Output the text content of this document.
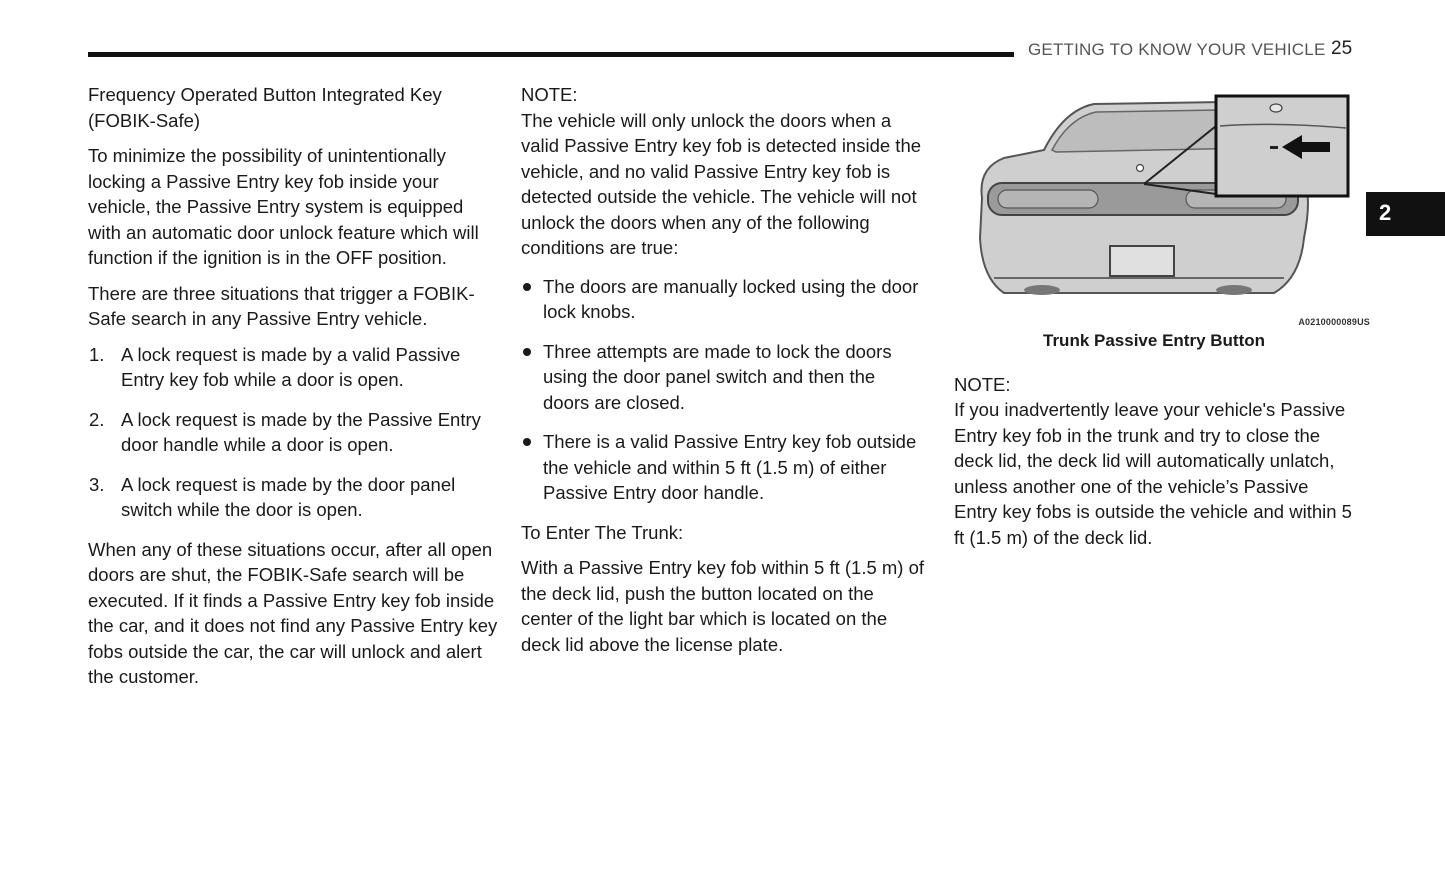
GETTING TO KNOW YOUR VEHICLE 25
2
Frequency Operated Button Integrated Key
(FOBIK-Safe)

To minimize the possibility of unintentionally locking a Passive Entry key fob inside your vehicle, the Passive Entry system is equipped with an automatic door unlock feature which will function if the ignition is in the OFF position.

There are three situations that trigger a FOBIK-Safe search in any Passive Entry vehicle.

1. A lock request is made by a valid Passive Entry key fob while a door is open.
2. A lock request is made by the Passive Entry door handle while a door is open.
3. A lock request is made by the door panel switch while the door is open.

When any of these situations occur, after all open doors are shut, the FOBIK-Safe search will be executed. If it finds a Passive Entry key fob inside the car, and it does not find any Passive Entry key fobs outside the car, the car will unlock and alert the customer.

NOTE:

The vehicle will only unlock the doors when a valid Passive Entry key fob is detected inside the vehicle, and no valid Passive Entry key fob is detected outside the vehicle. The vehicle will not unlock the doors when any of the following conditions are true:

The doors are manually locked using the door lock knobs.
Three attempts are made to lock the doors using the door panel switch and then the doors are closed.
There is a valid Passive Entry key fob outside the vehicle and within 5 ft (1.5 m) of either Passive Entry door handle.
To Enter The Trunk:

With a Passive Entry key fob within 5 ft (1.5 m) of the deck lid, push the button located on the center of the light bar which is located on the deck lid above the license plate.

A0210000089US
Trunk Passive Entry Button
NOTE:

If you inadvertently leave your vehicle's Passive Entry key fob in the trunk and try to close the deck lid, the deck lid will automatically unlatch, unless another one of the vehicle’s Passive Entry key fobs is outside the vehicle and within 5 ft (1.5 m) of the deck lid.
